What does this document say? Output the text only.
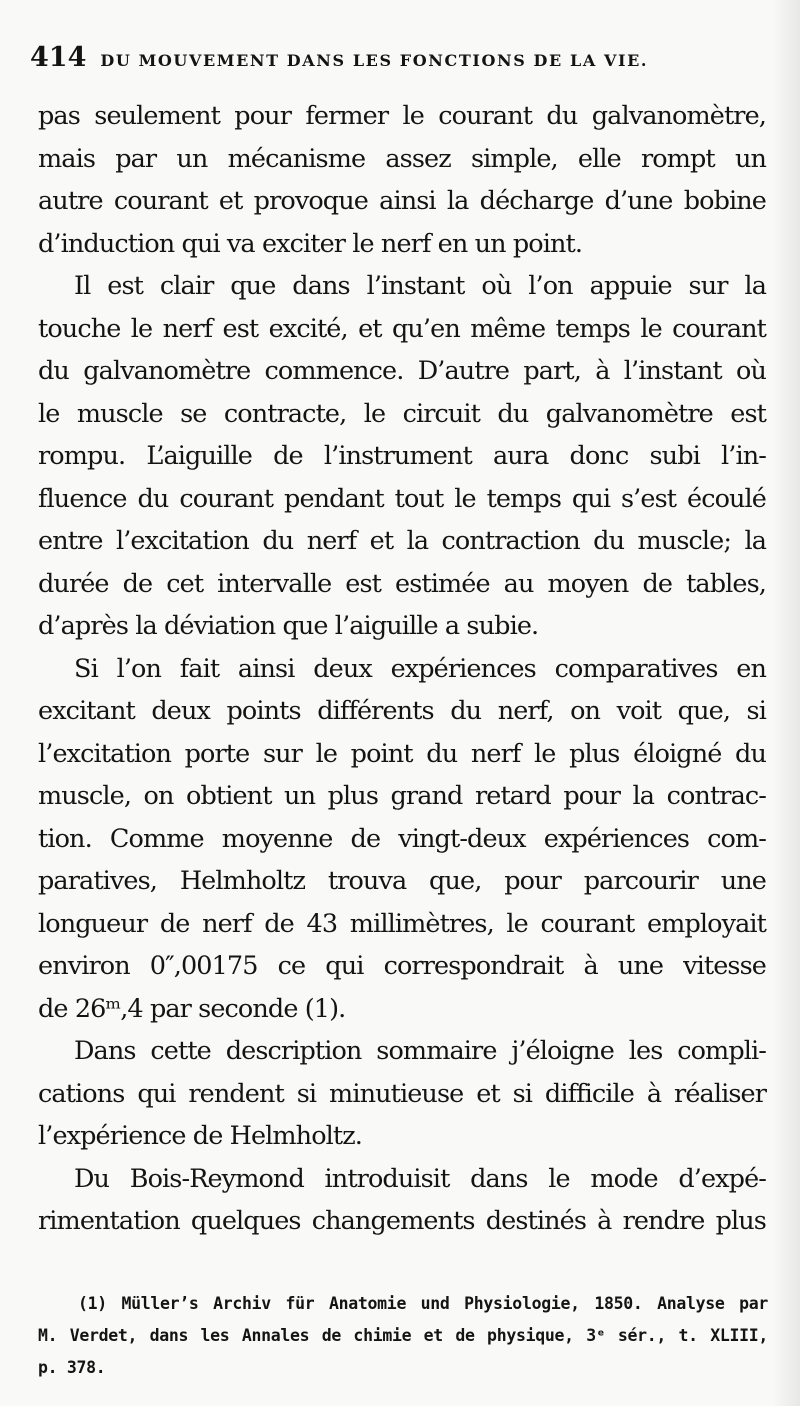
414 DU MOUVEMENT DANS LES FONCTIONS DE LA VIE.
pas seulement pour fermer le courant du galvanomètre,
mais par un mécanisme assez simple, elle rompt un
autre courant et provoque ainsi la décharge d’une bobine
d’induction qui va exciter le nerf en un point.
Il est clair que dans l’instant où l’on appuie sur la
touche le nerf est excité, et qu’en même temps le courant
du galvanomètre commence. D’autre part, à l’instant où
le muscle se contracte, le circuit du galvanomètre est
rompu. L’aiguille de l’instrument aura donc subi l’in-
fluence du courant pendant tout le temps qui s’est écoulé
entre l’excitation du nerf et la contraction du muscle; la
durée de cet intervalle est estimée au moyen de tables,
d’après la déviation que l’aiguille a subie.
Si l’on fait ainsi deux expériences comparatives en
excitant deux points différents du nerf, on voit que, si
l’excitation porte sur le point du nerf le plus éloigné du
muscle, on obtient un plus grand retard pour la contrac-
tion. Comme moyenne de vingt-deux expériences com-
paratives, Helmholtz trouva que, pour parcourir une
longueur de nerf de 43 millimètres, le courant employait
environ 0″,00175 ce qui correspondrait à une vitesse
de 26ᵐ,4 par seconde (1).
Dans cette description sommaire j’éloigne les compli-
cations qui rendent si minutieuse et si difficile à réaliser
l’expérience de Helmholtz.
Du Bois-Reymond introduisit dans le mode d’expé-
rimentation quelques changements destinés à rendre plus
(1) Müller’s Archiv für Anatomie und Physiologie, 1850. Analyse par
M. Verdet, dans les Annales de chimie et de physique, 3ᵉ sér., t. XLIII,
p. 378.
